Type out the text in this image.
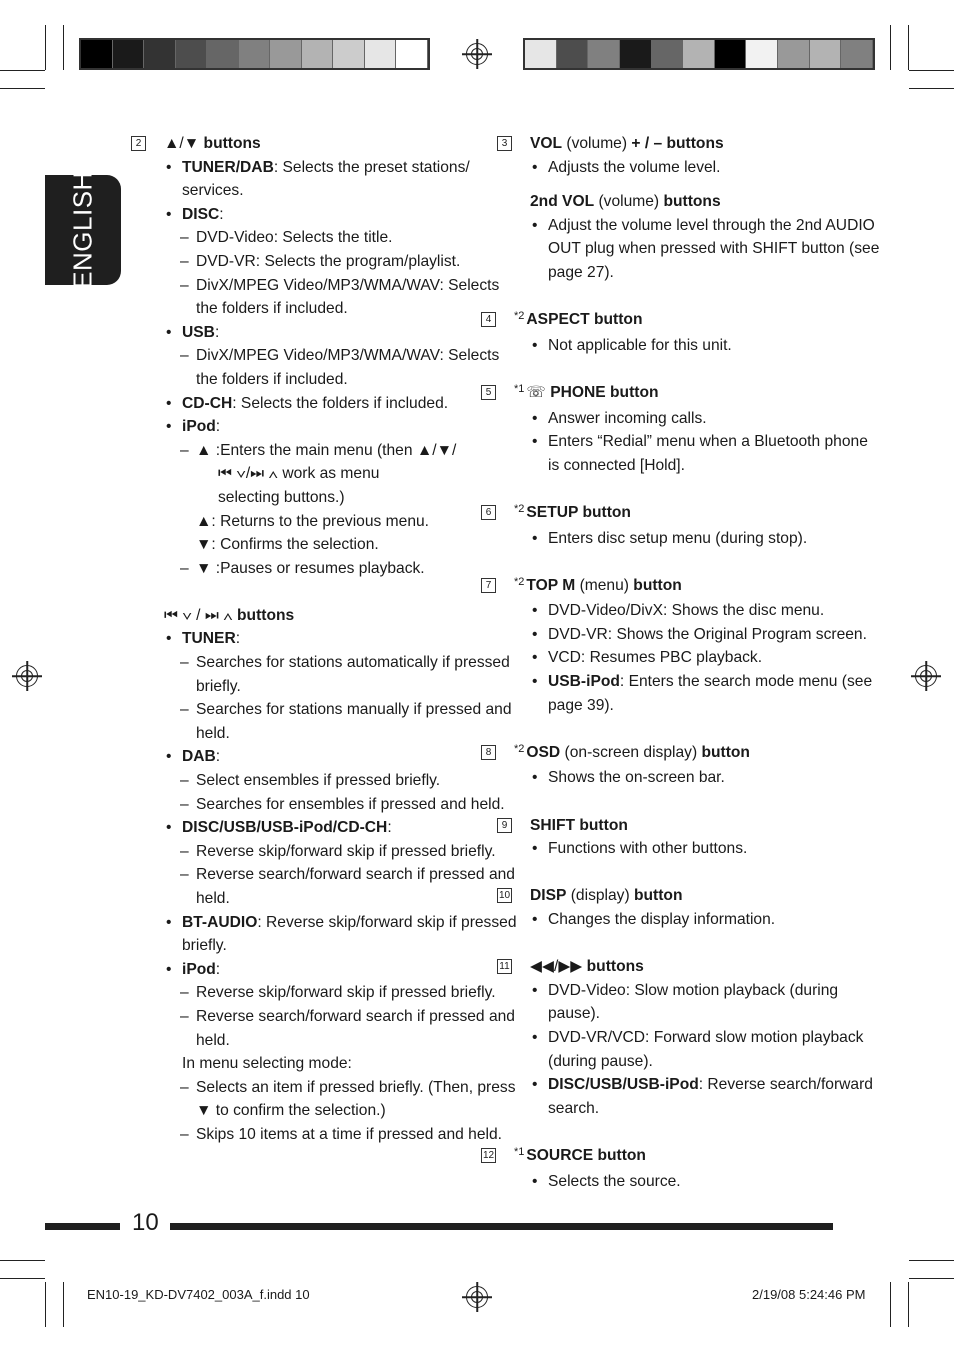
ENGLISH
2	▲/▼ buttons
• TUNER/DAB: Selects the preset stations/
services.
• DISC:
– DVD-Video: Selects the title.
– DVD-VR: Selects the program/playlist.
– DivX/MPEG Video/MP3/WMA/WAV: Selects
the folders if included.
• USB:
– DivX/MPEG Video/MP3/WMA/WAV: Selects
the folders if included.
• CD-CH: Selects the folders if included.
• iPod:
– ▲ :Enters the main menu (then ▲/▼/
⏮ ∨/⏭ ∧ work as menu
selecting buttons.)
▲: Returns to the previous menu.
▼: Confirms the selection.
– ▼ :Pauses or resumes playback.
⏮ ∨ / ⏭ ∧ buttons
• TUNER:
– Searches for stations automatically if pressed
briefly.
– Searches for stations manually if pressed and
held.
• DAB:
– Select ensembles if pressed briefly.
– Searches for ensembles if pressed and held.
• DISC/USB/USB-iPod/CD-CH:
– Reverse skip/forward skip if pressed briefly.
– Reverse search/forward search if pressed and
held.
• BT-AUDIO: Reverse skip/forward skip if pressed
briefly.
• iPod:
– Reverse skip/forward skip if pressed briefly.
– Reverse search/forward search if pressed and
held.
In menu selecting mode:
– Selects an item if pressed briefly. (Then, press
▼ to confirm the selection.)
– Skips 10 items at a time if pressed and held.
3	VOL (volume) + / – buttons
• Adjusts the volume level.
2nd VOL (volume) buttons
• Adjust the volume level through the 2nd AUDIO
OUT plug when pressed with SHIFT button (see
page 27).
4	$^{*2}$ ASPECT button
• Not applicable for this unit.
5	$^{*1}$ ☏ PHONE button
• Answer incoming calls.
• Enters “Redial” menu when a Bluetooth phone
is connected [Hold].
6	$^{*2}$ SETUP button
• Enters disc setup menu (during stop).
7	$^{*2}$ TOP M (menu) button
• DVD-Video/DivX: Shows the disc menu.
• DVD-VR: Shows the Original Program screen.
• VCD: Resumes PBC playback.
• USB-iPod: Enters the search mode menu (see
page 39).
8	$^{*2}$ OSD (on-screen display) button
• Shows the on-screen bar.
9	SHIFT button
• Functions with other buttons.
10 DISP (display) button
• Changes the display information.
11 ◀◀/▶▶ buttons
• DVD-Video: Slow motion playback (during
pause).
• DVD-VR/VCD: Forward slow motion playback
(during pause).
• DISC/USB/USB-iPod: Reverse search/forward
search.
12 $^{*1}$ SOURCE button
• Selects the source.
10
EN10-19_KD-DV7402_003A_f.indd 10	2/19/08 5:24:46 PM
